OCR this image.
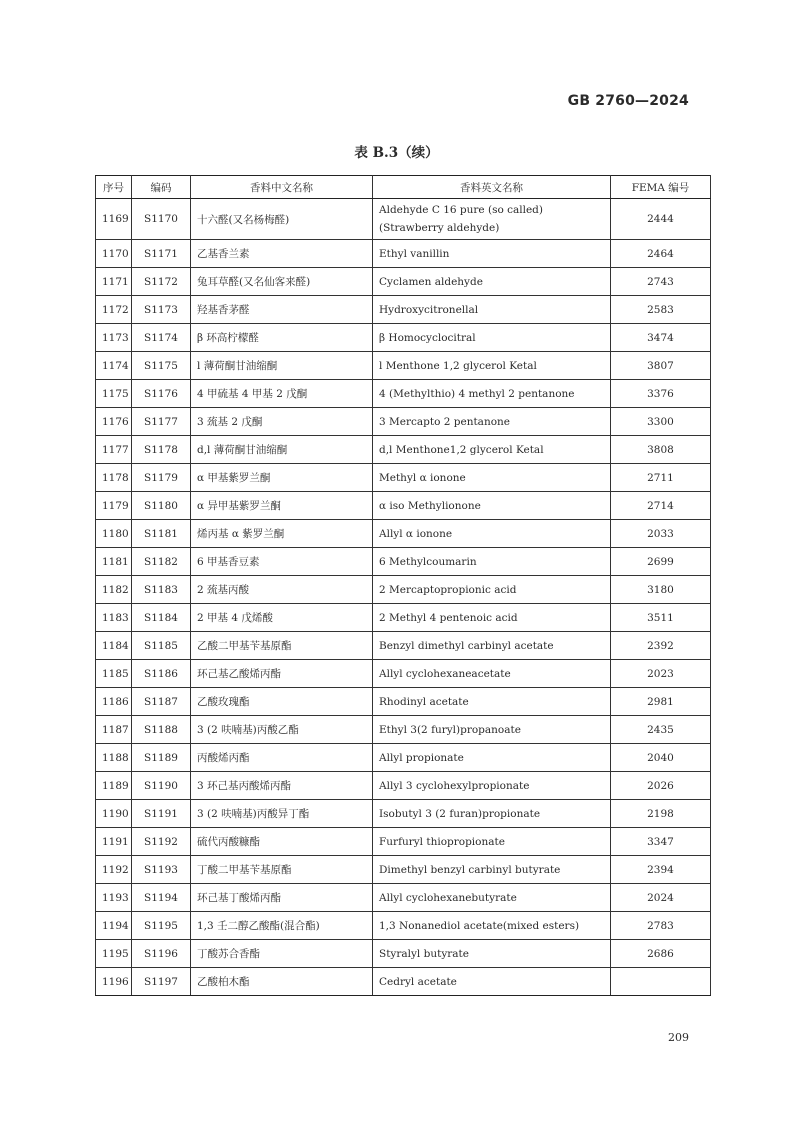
GB 2760—2024
表 B.3（续）
序号	编码	香料中文名称	香料英文名称	FEMA 编号
1169	S1170	十六醛(又名杨梅醛)	Aldehyde C 16 pure (so called) (Strawberry aldehyde)	2444
1170	S1171	乙基香兰素	Ethyl vanillin	2464
1171	S1172	兔耳草醛(又名仙客来醛)	Cyclamen aldehyde	2743
1172	S1173	羟基香茅醛	Hydroxycitronellal	2583
1173	S1174	β 环高柠檬醛	β Homocyclocitral	3474
1174	S1175	l 薄荷酮甘油缩酮	l Menthone 1,2 glycerol Ketal	3807
1175	S1176	4 甲硫基 4 甲基 2 戊酮	4 (Methylthio) 4 methyl 2 pentanone	3376
1176	S1177	3 巯基 2 戊酮	3 Mercapto 2 pentanone	3300
1177	S1178	d,l 薄荷酮甘油缩酮	d,l Menthone1,2 glycerol Ketal	3808
1178	S1179	α 甲基紫罗兰酮	Methyl α ionone	2711
1179	S1180	α 异甲基紫罗兰酮	α iso Methylionone	2714
1180	S1181	烯丙基 α 紫罗兰酮	Allyl α ionone	2033
1181	S1182	6 甲基香豆素	6 Methylcoumarin	2699
1182	S1183	2 巯基丙酸	2 Mercaptopropionic acid	3180
1183	S1184	2 甲基 4 戊烯酸	2 Methyl 4 pentenoic acid	3511
1184	S1185	乙酸二甲基苄基原酯	Benzyl dimethyl carbinyl acetate	2392
1185	S1186	环己基乙酸烯丙酯	Allyl cyclohexaneacetate	2023
1186	S1187	乙酸玫瑰酯	Rhodinyl acetate	2981
1187	S1188	3 (2 呋喃基)丙酸乙酯	Ethyl 3(2 furyl)propanoate	2435
1188	S1189	丙酸烯丙酯	Allyl propionate	2040
1189	S1190	3 环己基丙酸烯丙酯	Allyl 3 cyclohexylpropionate	2026
1190	S1191	3 (2 呋喃基)丙酸异丁酯	Isobutyl 3 (2 furan)propionate	2198
1191	S1192	硫代丙酸糠酯	Furfuryl thiopropionate	3347
1192	S1193	丁酸二甲基苄基原酯	Dimethyl benzyl carbinyl butyrate	2394
1193	S1194	环己基丁酸烯丙酯	Allyl cyclohexanebutyrate	2024
1194	S1195	1,3 壬二醇乙酸酯(混合酯)	1,3 Nonanediol acetate(mixed esters)	2783
1195	S1196	丁酸苏合香酯	Styralyl butyrate	2686
1196	S1197	乙酸柏木酯	Cedryl acetate	
209
